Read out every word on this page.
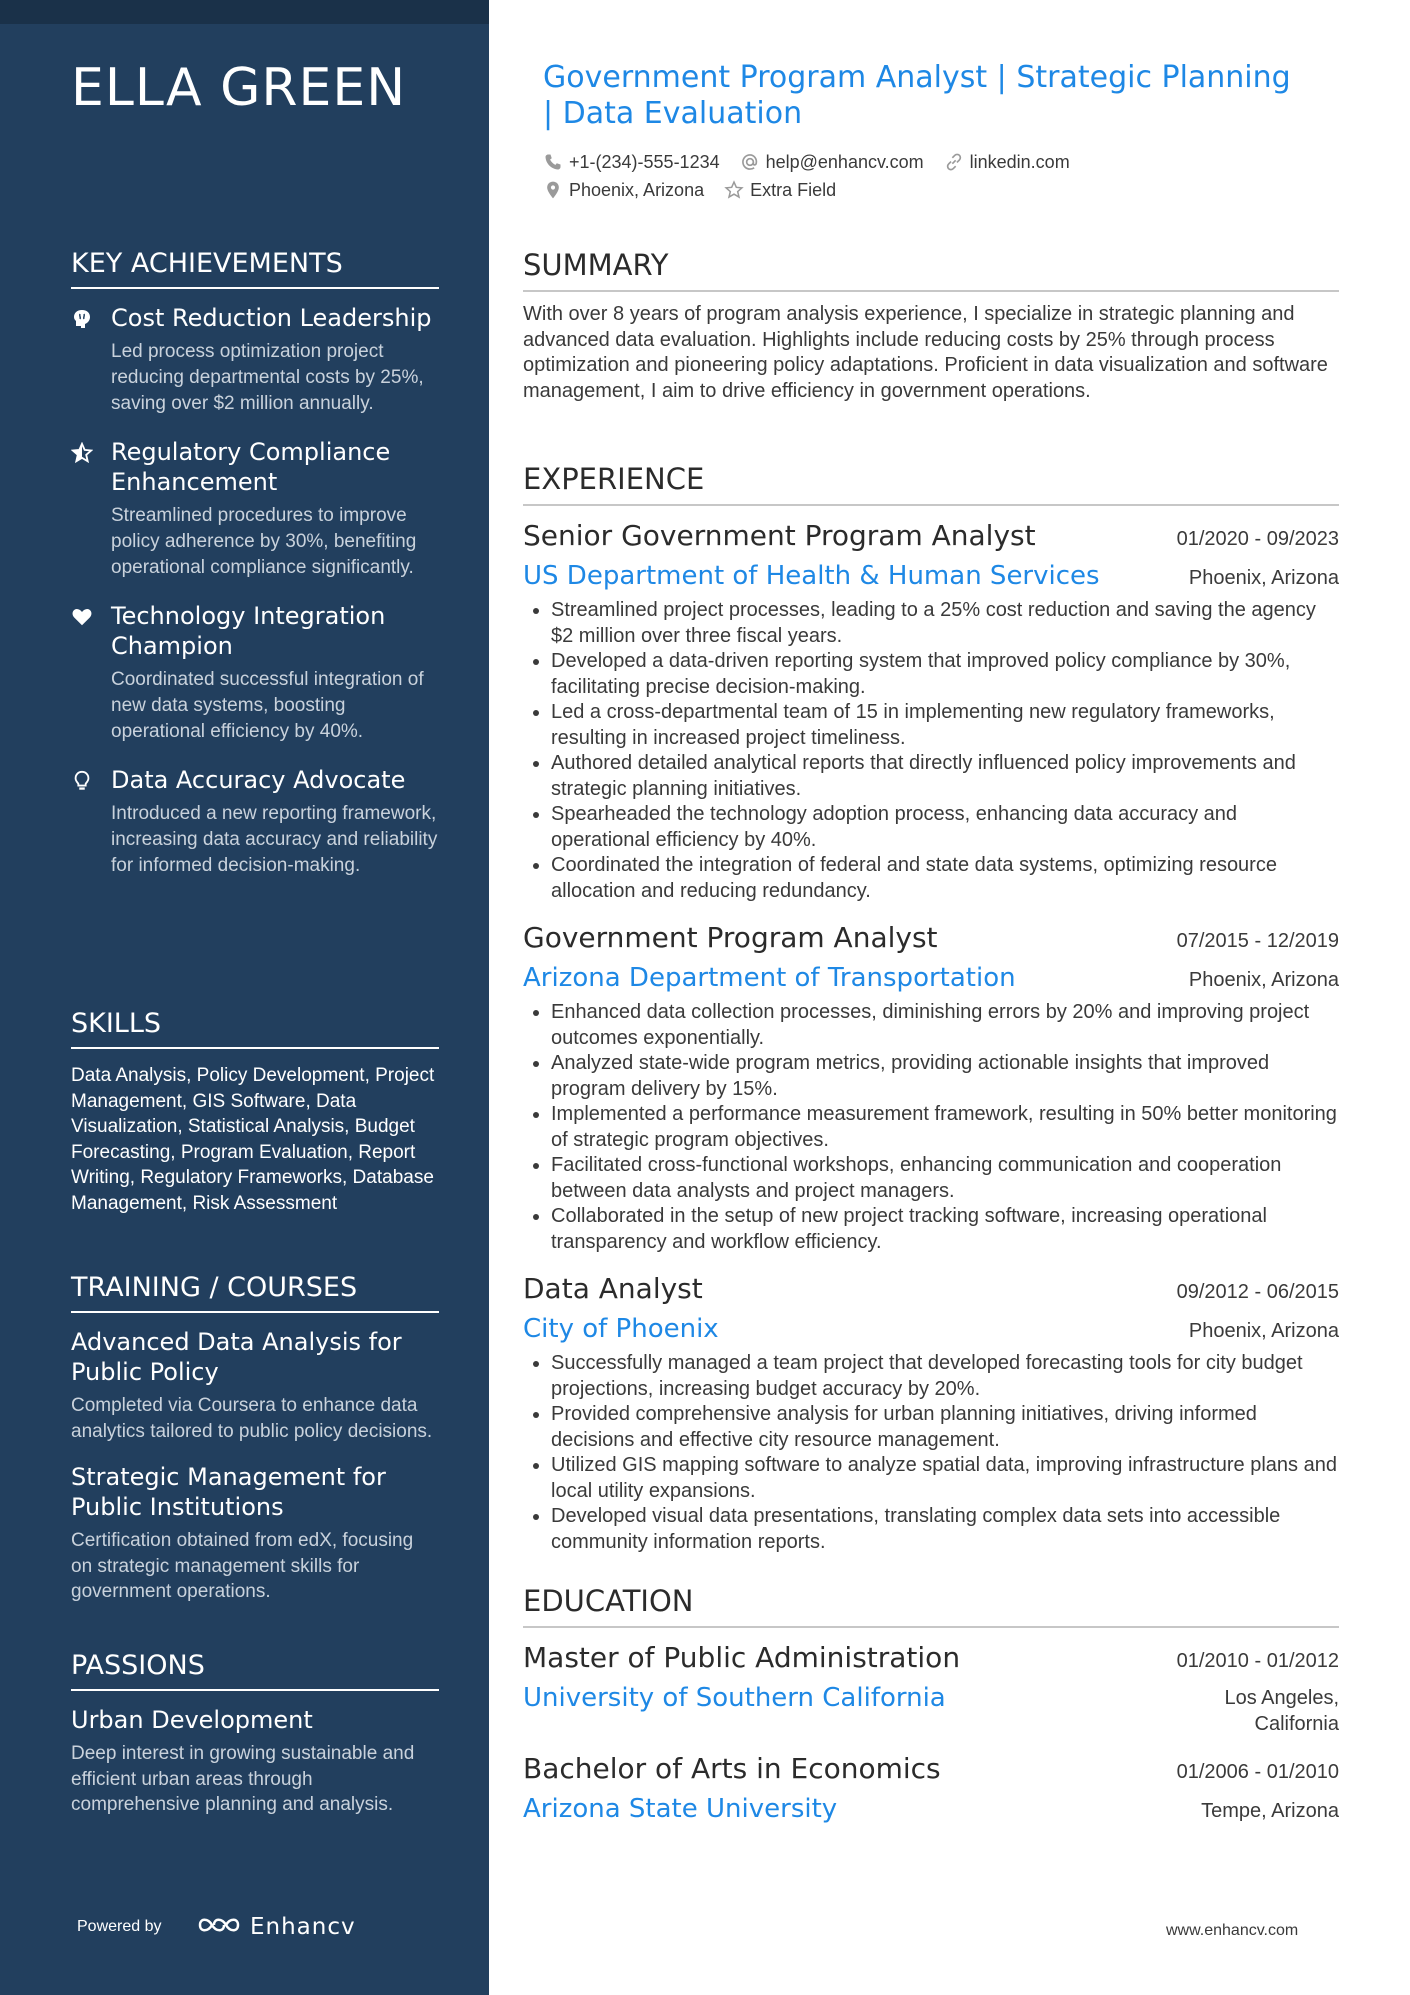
ELLA GREEN
KEY ACHIEVEMENTS
Cost Reduction Leadership
Led process optimization project reducing departmental costs by 25%, saving over $2 million annually.
Regulatory Compliance Enhancement
Streamlined procedures to improve policy adherence by 30%, benefiting operational compliance significantly.
Technology Integration Champion
Coordinated successful integration of new data systems, boosting operational efficiency by 40%.
Data Accuracy Advocate
Introduced a new reporting framework, increasing data accuracy and reliability for informed decision-making.
SKILLS
Data Analysis, Policy Development, Project Management, GIS Software, Data Visualization, Statistical Analysis, Budget Forecasting, Program Evaluation, Report Writing, Regulatory Frameworks, Database Management, Risk Assessment
TRAINING / COURSES
Advanced Data Analysis for Public Policy
Completed via Coursera to enhance data analytics tailored to public policy decisions.
Strategic Management for Public Institutions
Certification obtained from edX, focusing on strategic management skills for government operations.
PASSIONS
Urban Development
Deep interest in growing sustainable and efficient urban areas through comprehensive planning and analysis.
Powered by	Enhancv
Government Program Analyst | Strategic Planning | Data Evaluation
+1-(234)-555-1234	help@enhancv.com	linkedin.com
Phoenix, Arizona	Extra Field
SUMMARY
With over 8 years of program analysis experience, I specialize in strategic planning and advanced data evaluation. Highlights include reducing costs by 25% through process optimization and pioneering policy adaptations. Proficient in data visualization and software management, I aim to drive efficiency in government operations.
EXPERIENCE
Senior Government Program Analyst	01/2020 - 09/2023
US Department of Health & Human Services	Phoenix, Arizona
• Streamlined project processes, leading to a 25% cost reduction and saving the agency $2 million over three fiscal years.
• Developed a data-driven reporting system that improved policy compliance by 30%, facilitating precise decision-making.
• Led a cross-departmental team of 15 in implementing new regulatory frameworks, resulting in increased project timeliness.
• Authored detailed analytical reports that directly influenced policy improvements and strategic planning initiatives.
• Spearheaded the technology adoption process, enhancing data accuracy and operational efficiency by 40%.
• Coordinated the integration of federal and state data systems, optimizing resource allocation and reducing redundancy.
Government Program Analyst	07/2015 - 12/2019
Arizona Department of Transportation	Phoenix, Arizona
• Enhanced data collection processes, diminishing errors by 20% and improving project outcomes exponentially.
• Analyzed state-wide program metrics, providing actionable insights that improved program delivery by 15%.
• Implemented a performance measurement framework, resulting in 50% better monitoring of strategic program objectives.
• Facilitated cross-functional workshops, enhancing communication and cooperation between data analysts and project managers.
• Collaborated in the setup of new project tracking software, increasing operational transparency and workflow efficiency.
Data Analyst	09/2012 - 06/2015
City of Phoenix	Phoenix, Arizona
• Successfully managed a team project that developed forecasting tools for city budget projections, increasing budget accuracy by 20%.
• Provided comprehensive analysis for urban planning initiatives, driving informed decisions and effective city resource management.
• Utilized GIS mapping software to analyze spatial data, improving infrastructure plans and local utility expansions.
• Developed visual data presentations, translating complex data sets into accessible community information reports.
EDUCATION
Master of Public Administration	01/2010 - 01/2012
University of Southern California	Los Angeles, California
Bachelor of Arts in Economics	01/2006 - 01/2010
Arizona State University	Tempe, Arizona
www.enhancv.com
